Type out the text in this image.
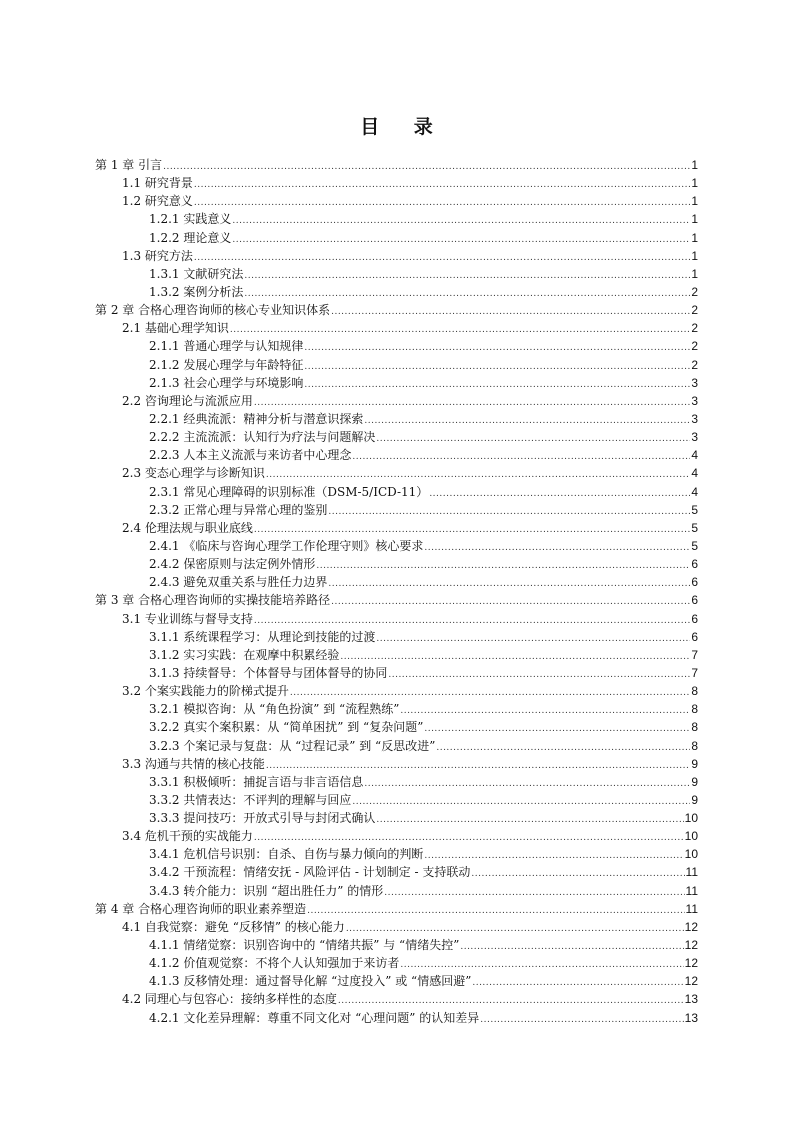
目 录
第 1 章 引言 .....	1
1.1 研究背景 .....	1
1.2 研究意义 .....	1
1.2.1 实践意义 .....	1
1.2.2 理论意义 .....	1
1.3 研究方法 .....	1
1.3.1 文献研究法 .....	1
1.3.2 案例分析法 .....	2
第 2 章 合格心理咨询师的核心专业知识体系 .....	2
2.1 基础心理学知识 .....	2
2.1.1 普通心理学与认知规律 .....	2
2.1.2 发展心理学与年龄特征 .....	2
2.1.3 社会心理学与环境影响 .....	3
2.2 咨询理论与流派应用 .....	3
2.2.1 经典流派：精神分析与潜意识探索 .....	3
2.2.2 主流流派：认知行为疗法与问题解决 .....	3
2.2.3 人本主义流派与来访者中心理念 .....	4
2.3 变态心理学与诊断知识 .....	4
2.3.1 常见心理障碍的识别标准（DSM-5/ICD-11） .....	4
2.3.2 正常心理与异常心理的鉴别 .....	5
2.4 伦理法规与职业底线 .....	5
2.4.1 《临床与咨询心理学工作伦理守则》核心要求 .....	5
2.4.2 保密原则与法定例外情形 .....	6
2.4.3 避免双重关系与胜任力边界 .....	6
第 3 章 合格心理咨询师的实操技能培养路径 .....	6
3.1 专业训练与督导支持 .....	6
3.1.1 系统课程学习：从理论到技能的过渡 .....	6
3.1.2 实习实践：在观摩中积累经验 .....	7
3.1.3 持续督导：个体督导与团体督导的协同 .....	7
3.2 个案实践能力的阶梯式提升 .....	8
3.2.1 模拟咨询：从 “角色扮演” 到 “流程熟练” .....	8
3.2.2 真实个案积累：从 “简单困扰” 到 “复杂问题” .....	8
3.2.3 个案记录与复盘：从 “过程记录” 到 “反思改进” .....	8
3.3 沟通与共情的核心技能 .....	9
3.3.1 积极倾听：捕捉言语与非言语信息 .....	9
3.3.2 共情表达：不评判的理解与回应 .....	9
3.3.3 提问技巧：开放式引导与封闭式确认 .....	10
3.4 危机干预的实战能力 .....	10
3.4.1 危机信号识别：自杀、自伤与暴力倾向的判断 .....	10
3.4.2 干预流程：情绪安抚 - 风险评估 - 计划制定 - 支持联动 .....	11
3.4.3 转介能力：识别 “超出胜任力” 的情形 .....	11
第 4 章 合格心理咨询师的职业素养塑造 .....	11
4.1 自我觉察：避免 “反移情” 的核心能力 .....	12
4.1.1 情绪觉察：识别咨询中的 “情绪共振” 与 “情绪失控” .....	12
4.1.2 价值观觉察：不将个人认知强加于来访者 .....	12
4.1.3 反移情处理：通过督导化解 “过度投入” 或 “情感回避” .....	12
4.2 同理心与包容心：接纳多样性的态度 .....	13
4.2.1 文化差异理解：尊重不同文化对 “心理问题” 的认知差异 .....	13
